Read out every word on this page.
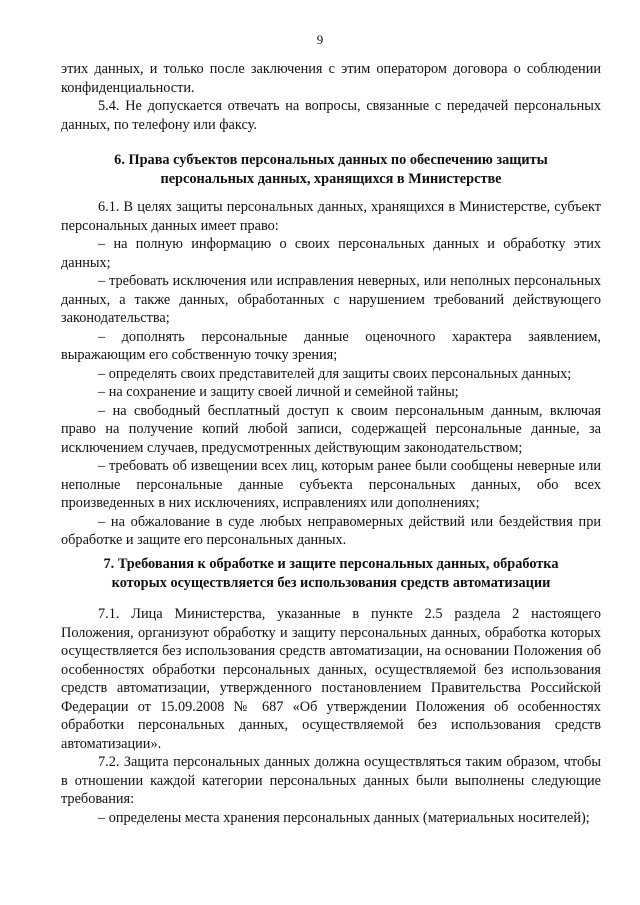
9

этих данных, и только после заключения с этим оператором договора о соблюдении конфиденциальности.

5.4. Не допускается отвечать на вопросы, связанные с передачей персональных данных, по телефону или факсу.

6. Права субъектов персональных данных по обеспечению защиты
персональных данных, хранящихся в Министерстве

6.1. В целях защиты персональных данных, хранящихся в Министерстве, субъект персональных данных имеет право:

– на полную информацию о своих персональных данных и обработку этих данных;

– требовать исключения или исправления неверных, или неполных персональных данных, а также данных, обработанных с нарушением требований действующего законодательства;

– дополнять персональные данные оценочного характера заявлением, выражающим его собственную точку зрения;

– определять своих представителей для защиты своих персональных данных;

– на сохранение и защиту своей личной и семейной тайны;

– на свободный бесплатный доступ к своим персональным данным, включая право на получение копий любой записи, содержащей персональные данные, за исключением случаев, предусмотренных действующим законодательством;

– требовать об извещении всех лиц, которым ранее были сообщены неверные или неполные персональные данные субъекта персональных данных, обо всех произведенных в них исключениях, исправлениях или дополнениях;

– на обжалование в суде любых неправомерных действий или бездействия при обработке и защите его персональных данных.

7. Требования к обработке и защите персональных данных, обработка
которых осуществляется без использования средств автоматизации

7.1. Лица Министерства, указанные в пункте 2.5 раздела 2 настоящего Положения, организуют обработку и защиту персональных данных, обработка которых осуществляется без использования средств автоматизации, на основании Положения об особенностях обработки персональных данных, осуществляемой без использования средств автоматизации, утвержденного постановлением Правительства Российской Федерации от 15.09.2008 № 687 «Об утверждении Положения об особенностях обработки персональных данных, осуществляемой без использования средств автоматизации».

7.2. Защита персональных данных должна осуществляться таким образом, чтобы в отношении каждой категории персональных данных были выполнены следующие требования:

– определены места хранения персональных данных (материальных носителей);
